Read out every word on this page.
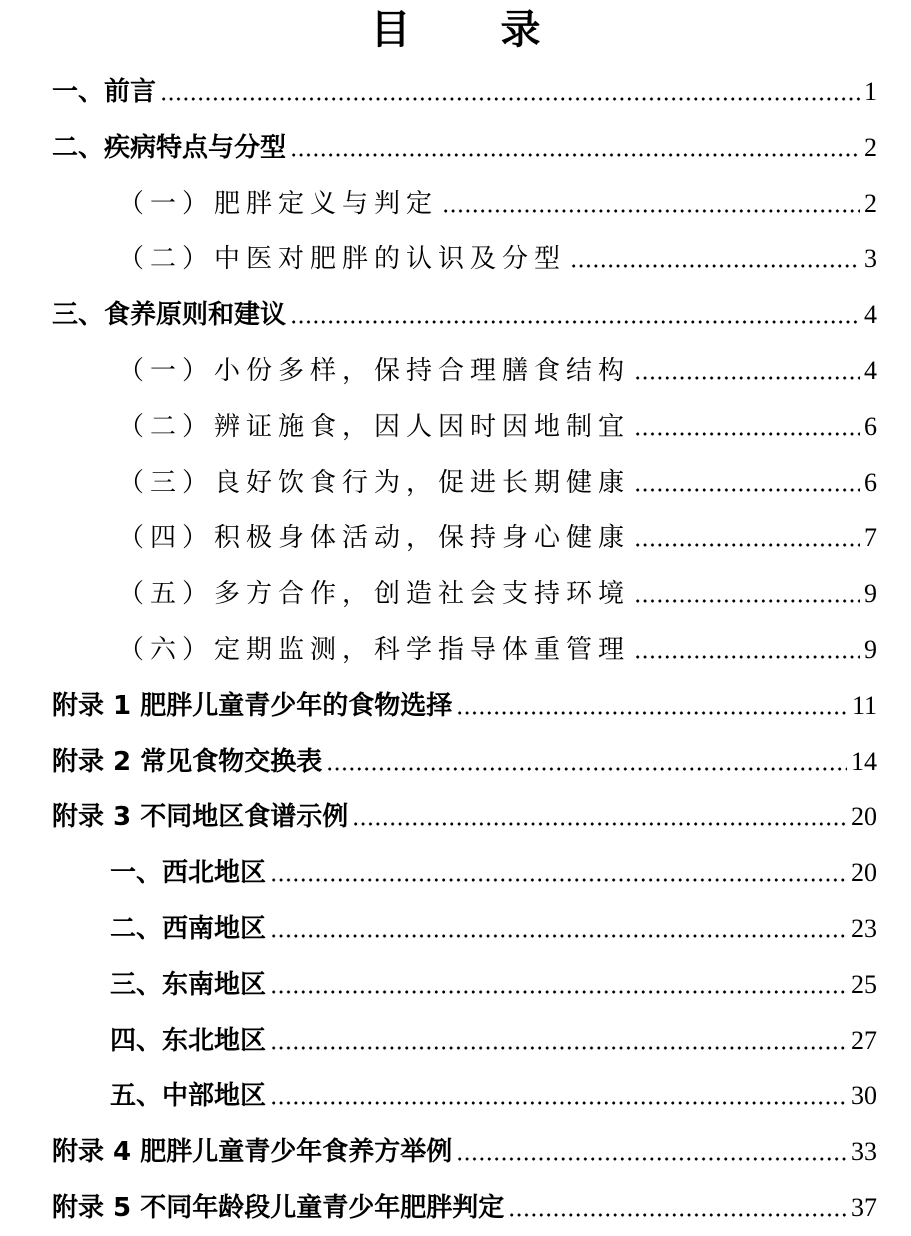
目 录
一、前言	1
二、疾病特点与分型	2
（一）肥胖定义与判定	2
（二）中医对肥胖的认识及分型	3
三、食养原则和建议	4
（一）小份多样，保持合理膳食结构	4
（二）辨证施食，因人因时因地制宜	6
（三）良好饮食行为，促进长期健康	6
（四）积极身体活动，保持身心健康	7
（五）多方合作，创造社会支持环境	9
（六）定期监测，科学指导体重管理	9
附录 1 肥胖儿童青少年的食物选择	11
附录 2 常见食物交换表	14
附录 3 不同地区食谱示例	20
一、西北地区	20
二、西南地区	23
三、东南地区	25
四、东北地区	27
五、中部地区	30
附录 4 肥胖儿童青少年食养方举例	33
附录 5 不同年龄段儿童青少年肥胖判定	37
